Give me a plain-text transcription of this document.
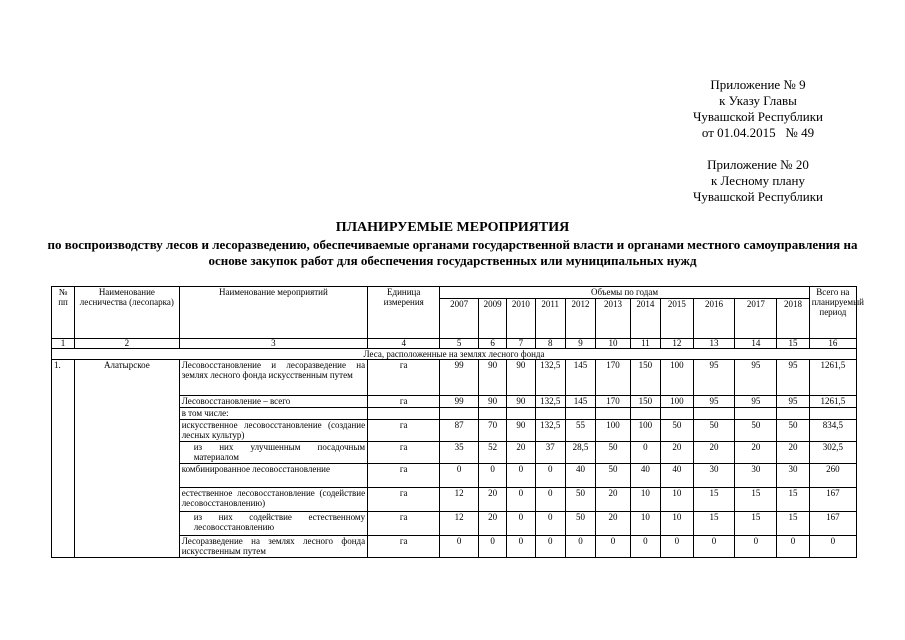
Приложение № 9
к Указу Главы
Чувашской Республики
от 01.04.2015   № 49
Приложение № 20
к Лесному плану
Чувашской Республики
ПЛАНИРУЕМЫЕ МЕРОПРИЯТИЯ
по воспроизводству лесов и лесоразведению, обеспечиваемые органами государственной власти и органами местного самоуправления на основе закупок работ для обеспечения государственных или муниципальных нужд
№ пп	Наименование лесничества (лесопарка)	Наименование мероприятий	Единица измерения	Объемы по годам											Всего на планируемый период
				2007	2009	2010	2011	2012	2013	2014	2015	2016	2017	2018	
1	2	3	4	5	6	7	8	9	10	11	12	13	14	15	16
Леса, расположенные на землях лесного фонда															
1.	Алатырское	Лесовосстановление и лесоразведение на землях лесного фонда искусственным путем	га	99	90	90	132,5	145	170	150	100	95	95	95	1261,5
		Лесовосстановление – всего	га	99	90	90	132,5	145	170	150	100	95	95	95	1261,5
		в том числе:													
		искусственное лесовосстановление (создание лесных культур)	га	87	70	90	132,5	55	100	100	50	50	50	50	834,5
		из них улучшенным посадочным материалом	га	35	52	20	37	28,5	50	0	20	20	20	20	302,5
		комбинированное лесовосстановление	га	0	0	0	0	40	50	40	40	30	30	30	260
		естественное лесовосстановление (содействие лесовосстановлению)	га	12	20	0	0	50	20	10	10	15	15	15	167
		из них содействие естественному лесовосстановлению	га	12	20	0	0	50	20	10	10	15	15	15	167
		Лесоразведение на землях лесного фонда искусственным путем	га	0	0	0	0	0	0	0	0	0	0	0	0
